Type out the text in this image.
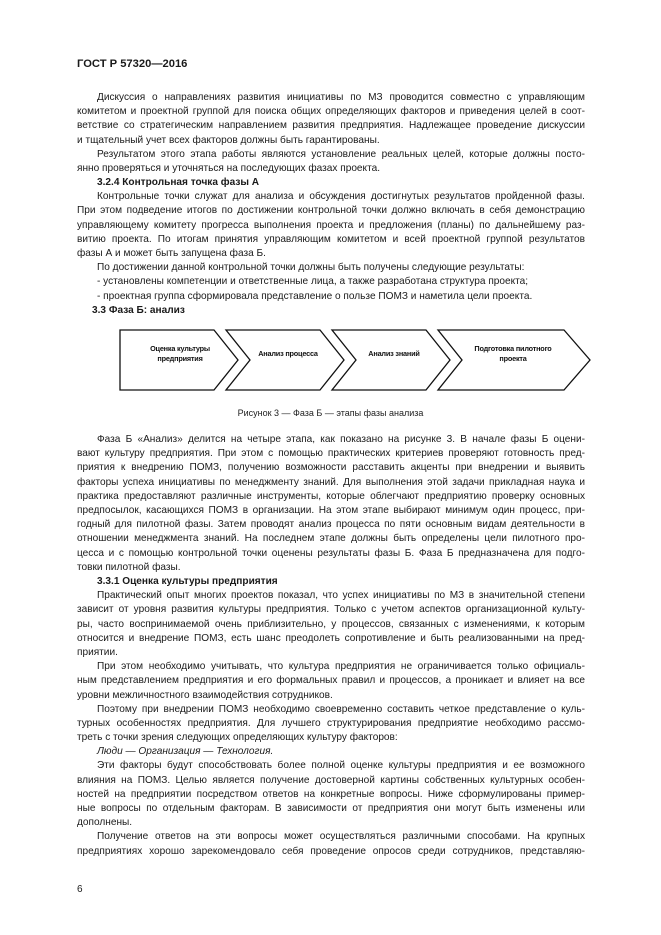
ГОСТ Р 57320—2016
Дискуссия о направлениях развития инициативы по МЗ проводится совместно с управляющим
комитетом и проектной группой для поиска общих определяющих факторов и приведения целей в соот-
ветствие со стратегическим направлением развития предприятия. Надлежащее проведение дискуссии
и тщательный учет всех факторов должны быть гарантированы.
Результатом этого этапа работы являются установление реальных целей, которые должны посто-
янно проверяться и уточняться на последующих фазах проекта.
3.2.4 Контрольная точка фазы А
Контрольные точки служат для анализа и обсуждения достигнутых результатов пройденной фазы.
При этом подведение итогов по достижении контрольной точки должно включать в себя демонстрацию
управляющему комитету прогресса выполнения проекта и предложения (планы) по дальнейшему раз-
витию проекта. По итогам принятия управляющим комитетом и всей проектной группой результатов
фазы А и может быть запущена фаза Б.
По достижении данной контрольной точки должны быть получены следующие результаты:
- установлены компетенции и ответственные лица, а также разработана структура проекта;
- проектная группа сформировала представление о пользе ПОМЗ и наметила цели проекта.
3.3 Фаза Б: анализ
Оценка культуры предприятия	Анализ процесса	Анализ знаний
Подготовка пилотного проекта
Рисунок 3 — Фаза Б — этапы фазы анализа
Фаза Б «Анализ» делится на четыре этапа, как показано на рисунке 3. В начале фазы Б оцени-
вают культуру предприятия. При этом с помощью практических критериев проверяют готовность пред-
приятия к внедрению ПОМЗ, получению возможности расставить акценты при внедрении и выявить
факторы успеха инициативы по менеджменту знаний. Для выполнения этой задачи прикладная наука и
практика предоставляют различные инструменты, которые облегчают предприятию проверку основных
предпосылок, касающихся ПОМЗ в организации. На этом этапе выбирают минимум один процесс, при-
годный для пилотной фазы. Затем проводят анализ процесса по пяти основным видам деятельности в
отношении менеджмента знаний. На последнем этапе должны быть определены цели пилотного про-
цесса и с помощью контрольной точки оценены результаты фазы Б. Фаза Б предназначена для подго-
товки пилотной фазы.
3.3.1 Оценка культуры предприятия
Практический опыт многих проектов показал, что успех инициативы по МЗ в значительной степени
зависит от уровня развития культуры предприятия. Только с учетом аспектов организационной культу-
ры, часто воспринимаемой очень приблизительно, у процессов, связанных с изменениями, к которым
относится и внедрение ПОМЗ, есть шанс преодолеть сопротивление и быть реализованными на пред-
приятии.
При этом необходимо учитывать, что культура предприятия не ограничивается только официаль-
ным представлением предприятия и его формальных правил и процессов, а проникает и влияет на все
уровни межличностного взаимодействия сотрудников.
Поэтому при внедрении ПОМЗ необходимо своевременно составить четкое представление о куль-
турных особенностях предприятия. Для лучшего структурирования предприятие необходимо рассмо-
треть с точки зрения следующих определяющих культуру факторов:
Люди — Организация — Технология.
Эти факторы будут способствовать более полной оценке культуры предприятия и ее возможного
влияния на ПОМЗ. Целью является получение достоверной картины собственных культурных особен-
ностей на предприятии посредством ответов на конкретные вопросы. Ниже сформулированы пример-
ные вопросы по отдельным факторам. В зависимости от предприятия они могут быть изменены или
дополнены.
Получение ответов на эти вопросы может осуществляться различными способами. На крупных
предприятиях хорошо зарекомендовало себя проведение опросов среди сотрудников, представляю-
6
